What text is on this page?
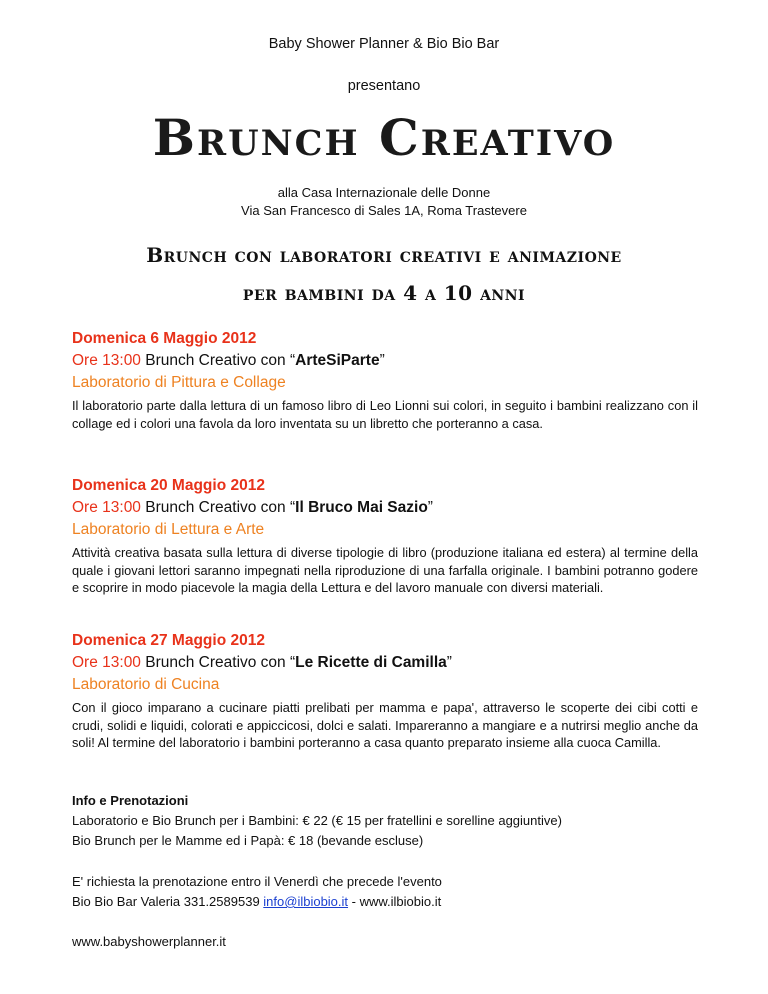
Baby Shower Planner & Bio Bio Bar
presentano
Brunch Creativo
alla Casa Internazionale delle Donne
Via San Francesco di Sales 1A, Roma Trastevere
Brunch con laboratori creativi e animazione
per bambini da 4 a 10 anni
Domenica 6 Maggio 2012
Ore 13:00 Brunch Creativo con “ArteSiParte”
Laboratorio di Pittura e Collage
Il laboratorio parte dalla lettura di un famoso libro di Leo Lionni sui colori, in seguito i bambini realizzano con il collage ed i colori una favola da loro inventata su un libretto che porteranno a casa.
Domenica 20 Maggio 2012
Ore 13:00 Brunch Creativo con “Il Bruco Mai Sazio”
Laboratorio di Lettura e Arte
Attività creativa basata sulla lettura di diverse tipologie di libro (produzione italiana ed estera) al termine della quale i giovani lettori saranno impegnati nella riproduzione di una farfalla originale. I bambini potranno godere e scoprire in modo piacevole la magia della Lettura e del lavoro manuale con diversi materiali.
Domenica 27 Maggio 2012
Ore 13:00 Brunch Creativo con “Le Ricette di Camilla”
Laboratorio di Cucina
Con il gioco imparano a cucinare piatti prelibati per mamma e papa', attraverso le scoperte dei cibi cotti e crudi, solidi e liquidi, colorati e appiccicosi, dolci e salati. Impareranno a mangiare e a nutrirsi meglio anche da soli! Al termine del laboratorio i bambini porteranno a casa quanto preparato insieme alla cuoca Camilla.
Info e Prenotazioni
Laboratorio e Bio Brunch per i Bambini: € 22 (€ 15 per fratellini e sorelline aggiuntive)
Bio Brunch per le Mamme ed i Papà: € 18 (bevande escluse)
E' richiesta la prenotazione entro il Venerdì che precede l'evento
Bio Bio Bar Valeria 331.2589539 info@ilbiobio.it - www.ilbiobio.it
www.babyshowerplanner.it
